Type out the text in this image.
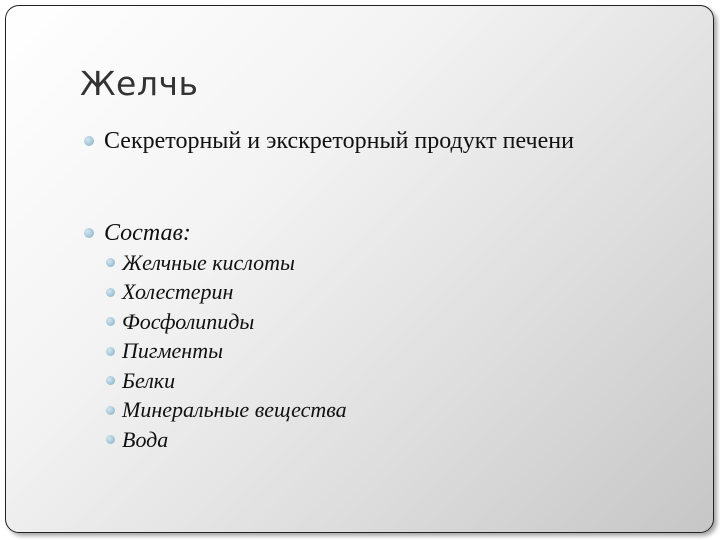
Желчь
Секреторный и экскреторный продукт печени
Состав:
Желчные кислоты
Холестерин
Фосфолипиды
Пигменты
Белки
Минеральные вещества
Вода
